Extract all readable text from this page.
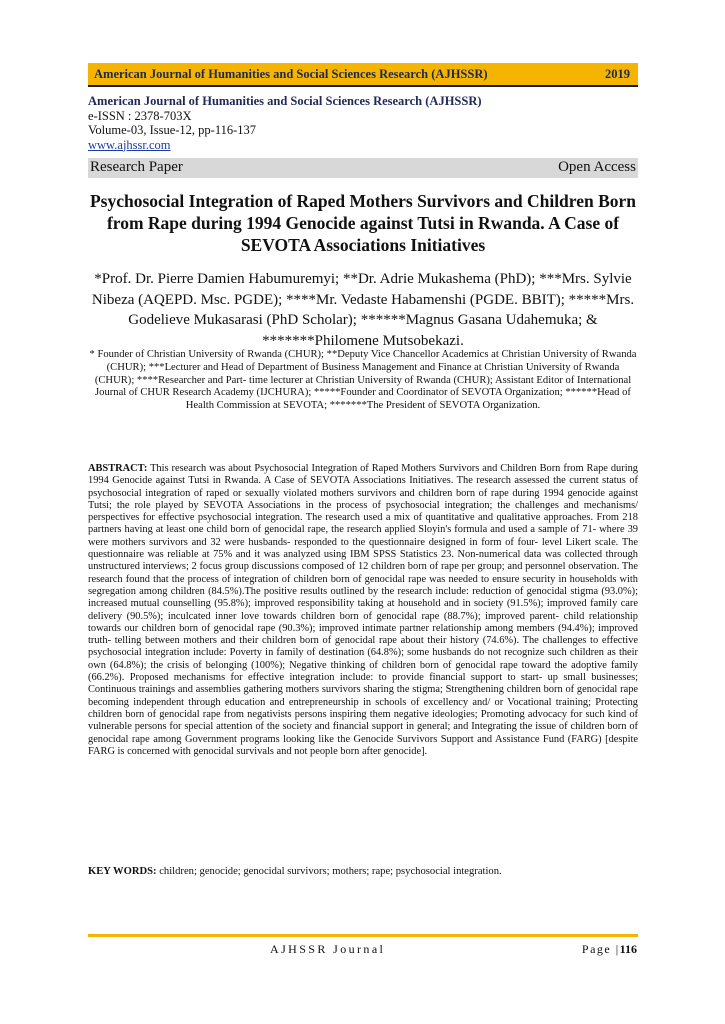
American Journal of Humanities and Social Sciences Research (AJHSSR)	2019
American Journal of Humanities and Social Sciences Research (AJHSSR)
e-ISSN : 2378-703X
Volume-03, Issue-12, pp-116-137
www.ajhssr.com
Research Paper	Open Access
Psychosocial Integration of Raped Mothers Survivors and Children Born from Rape during 1994 Genocide against Tutsi in Rwanda. A Case of SEVOTA Associations Initiatives
*Prof. Dr. Pierre Damien Habumuremyi; **Dr. Adrie Mukashema (PhD); ***Mrs. Sylvie Nibeza (AQEPD. Msc. PGDE); ****Mr. Vedaste Habamenshi (PGDE. BBIT); *****Mrs. Godelieve Mukasarasi (PhD Scholar); ******Magnus Gasana Udahemuka; & *******Philomene Mutsobekazi.
* Founder of Christian University of Rwanda (CHUR); **Deputy Vice Chancellor Academics at Christian University of Rwanda (CHUR); ***Lecturer and Head of Department of Business Management and Finance at Christian University of Rwanda (CHUR); ****Researcher and Part- time lecturer at Christian University of Rwanda (CHUR); Assistant Editor of International Journal of CHUR Research Academy (IJCHURA); *****Founder and Coordinator of SEVOTA Organization; ******Head of Health Commission at SEVOTA; *******The President of SEVOTA Organization.
ABSTRACT: This research was about Psychosocial Integration of Raped Mothers Survivors and Children Born from Rape during 1994 Genocide against Tutsi in Rwanda. A Case of SEVOTA Associations Initiatives. The research assessed the current status of psychosocial integration of raped or sexually violated mothers survivors and children born of rape during 1994 genocide against Tutsi; the role played by SEVOTA Associations in the process of psychosocial integration; the challenges and mechanisms/ perspectives for effective psychosocial integration. The research used a mix of quantitative and qualitative approaches. From 218 partners having at least one child born of genocidal rape, the research applied Sloyin's formula and used a sample of 71- where 39 were mothers survivors and 32 were husbands- responded to the questionnaire designed in form of four- level Likert scale. The questionnaire was reliable at 75% and it was analyzed using IBM SPSS Statistics 23. Non-numerical data was collected through unstructured interviews; 2 focus group discussions composed of 12 children born of rape per group; and personnel observation. The research found that the process of integration of children born of genocidal rape was needed to ensure security in households with segregation among children (84.5%).The positive results outlined by the research include: reduction of genocidal stigma (93.0%); increased mutual counselling (95.8%); improved responsibility taking at household and in society (91.5%); improved family care delivery (90.5%); inculcated inner love towards children born of genocidal rape (88.7%); improved parent- child relationship towards our children born of genocidal rape (90.3%); improved intimate partner relationship among members (94.4%); improved truth- telling between mothers and their children born of genocidal rape about their history (74.6%). The challenges to effective psychosocial integration include: Poverty in family of destination (64.8%); some husbands do not recognize such children as their own (64.8%); the crisis of belonging (100%); Negative thinking of children born of genocidal rape toward the adoptive family (66.2%). Proposed mechanisms for effective integration include: to provide financial support to start- up small businesses; Continuous trainings and assemblies gathering mothers survivors sharing the stigma; Strengthening children born of genocidal rape becoming independent through education and entrepreneurship in schools of excellency and/ or Vocational training; Protecting children born of genocidal rape from negativists persons inspiring them negative ideologies; Promoting advocacy for such kind of vulnerable persons for special attention of the society and financial support in general; and Integrating the issue of children born of genocidal rape among Government programs looking like the Genocide Survivors Support and Assistance Fund (FARG) [despite FARG is concerned with genocidal survivals and not people born after genocide].
KEY WORDS: children; genocide; genocidal survivors; mothers; rape; psychosocial integration.
AJHSSR Journal	Page |116
